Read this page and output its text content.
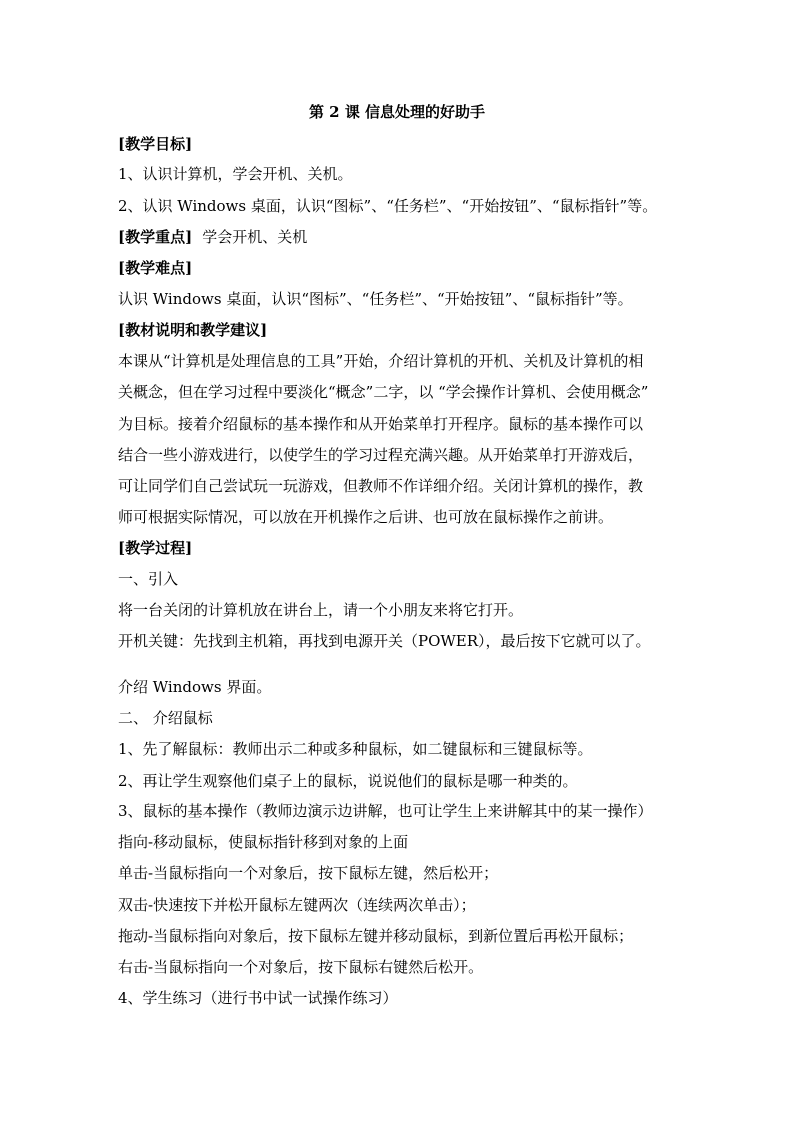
第 2 课 信息处理的好助手
[教学目标]
1、认识计算机，学会开机、关机。
2、认识 Windows 桌面，认识“图标”、“任务栏”、“开始按钮”、“鼠标指针”等。
[教学重点] 学会开机、关机
[教学难点]
认识 Windows 桌面，认识“图标”、“任务栏”、“开始按钮”、“鼠标指针”等。
[教材说明和教学建议]
本课从“计算机是处理信息的工具”开始，介绍计算机的开机、关机及计算机的相
关概念，但在学习过程中要淡化“概念”二字，以 “学会操作计算机、会使用概念”
为目标。接着介绍鼠标的基本操作和从开始菜单打开程序。鼠标的基本操作可以
结合一些小游戏进行，以使学生的学习过程充满兴趣。从开始菜单打开游戏后，
可让同学们自己尝试玩一玩游戏，但教师不作详细介绍。关闭计算机的操作，教
师可根据实际情况，可以放在开机操作之后讲、也可放在鼠标操作之前讲。
[教学过程]
一、引入
将一台关闭的计算机放在讲台上，请一个小朋友来将它打开。
开机关键：先找到主机箱，再找到电源开关（POWER），最后按下它就可以了。
介绍 Windows 界面。
二、 介绍鼠标
1、先了解鼠标：教师出示二种或多种鼠标，如二键鼠标和三键鼠标等。
2、再让学生观察他们桌子上的鼠标，说说他们的鼠标是哪一种类的。
3、鼠标的基本操作（教师边演示边讲解，也可让学生上来讲解其中的某一操作）
指向-移动鼠标，使鼠标指针移到对象的上面
单击-当鼠标指向一个对象后，按下鼠标左键，然后松开；
双击-快速按下并松开鼠标左键两次（连续两次单击）；
拖动-当鼠标指向对象后，按下鼠标左键并移动鼠标，到新位置后再松开鼠标；
右击-当鼠标指向一个对象后，按下鼠标右键然后松开。
4、学生练习（进行书中试一试操作练习）
